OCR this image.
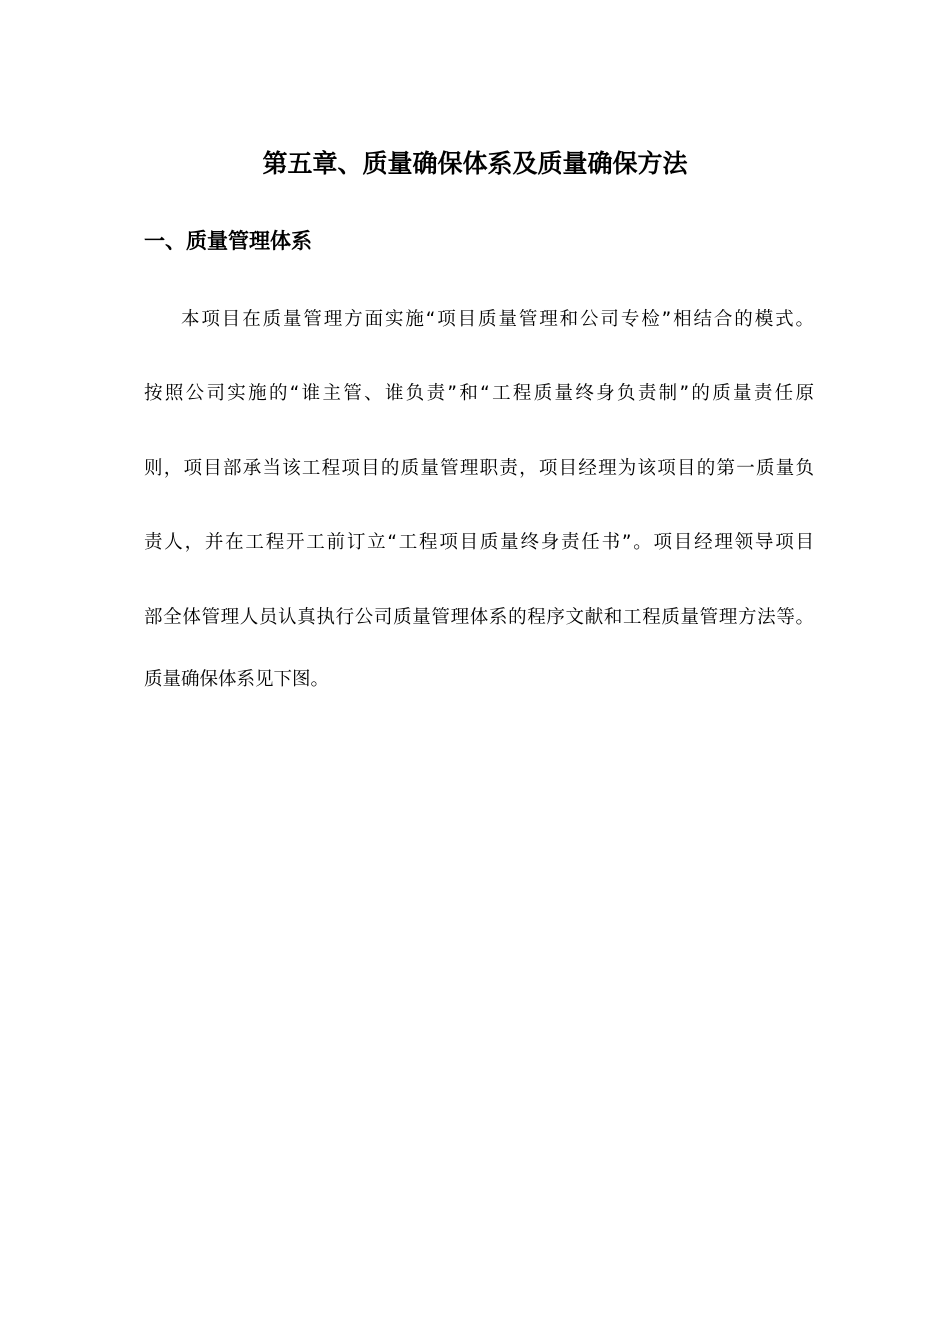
第五章、质量确保体系及质量确保方法
一、质量管理体系

本项目在质量管理方面实施“项目质量管理和公司专检”相结合的模式。

按照公司实施的“谁主管、谁负责”和“工程质量终身负责制”的质量责任原

则，项目部承当该工程项目的质量管理职责，项目经理为该项目的第一质量负

责人，并在工程开工前订立“工程项目质量终身责任书”。项目经理领导项目

部全体管理人员认真执行公司质量管理体系的程序文献和工程质量管理方法等。

质量确保体系见下图。
